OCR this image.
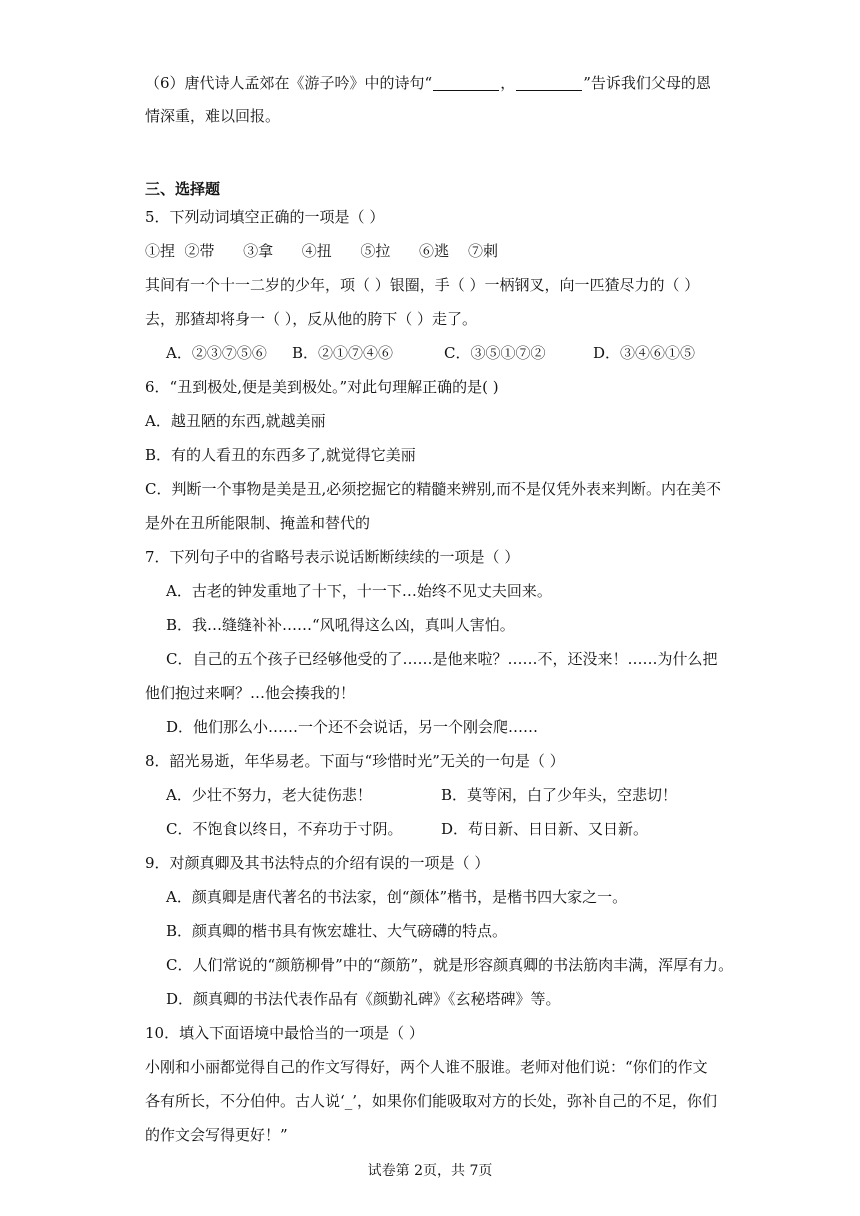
（6）唐代诗人孟郊在《游子吟》中的诗句“	，	”告诉我们父母的恩
情深重，难以回报。
三、选择题
5．下列动词填空正确的一项是（ ）
①捏  ②带      ③拿      ④扭      ⑤拉      ⑥逃    ⑦刺
其间有一个十一二岁的少年，项（ ）银圈，手（ ）一柄钢叉，向一匹猹尽力的（ ）
去，那猹却将身一（ ），反从他的胯下（ ）走了。
A．②③⑦⑤⑥ B．②①⑦④⑥	C．③⑤①⑦②	D．③④⑥①⑤
6．“丑到极处,便是美到极处。”对此句理解正确的是( )
A．越丑陋的东西,就越美丽
B．有的人看丑的东西多了,就觉得它美丽
C．判断一个事物是美是丑,必须挖掘它的精髓来辨别,而不是仅凭外表来判断。内在美不
是外在丑所能限制、掩盖和替代的
7．下列句子中的省略号表示说话断断续续的一项是（ ）
A．古老的钟发重地了十下，十一下…始终不见丈夫回来。
B．我…缝缝补补……“风吼得这么凶，真叫人害怕。
C．自己的五个孩子已经够他受的了……是他来啦？……不，还没来！……为什么把
他们抱过来啊？…他会揍我的！
D．他们那么小……一个还不会说话，另一个刚会爬……
8．韶光易逝，年华易老。下面与“珍惜时光”无关的一句是（ ）
A．少壮不努力，老大徒伤悲！	B．莫等闲，白了少年头，空悲切！
C．不饱食以终日，不弃功于寸阴。	D．苟日新、日日新、又日新。
9．对颜真卿及其书法特点的介绍有误的一项是（ ）
A．颜真卿是唐代著名的书法家，创“颜体”楷书，是楷书四大家之一。
B．颜真卿的楷书具有恢宏雄壮、大气磅礴的特点。
C．人们常说的“颜筋柳骨”中的“颜筋”，就是形容颜真卿的书法筋肉丰满，浑厚有力。
D．颜真卿的书法代表作品有《颜勤礼碑》《玄秘塔碑》等。
10．填入下面语境中最恰当的一项是（ ）
小刚和小丽都觉得自己的作文写得好，两个人谁不服谁。老师对他们说：“你们的作文
各有所长，不分伯仲。古人说‘_’，如果你们能吸取对方的长处，弥补自己的不足，你们
的作文会写得更好！”
试卷第 2页，共 7页
